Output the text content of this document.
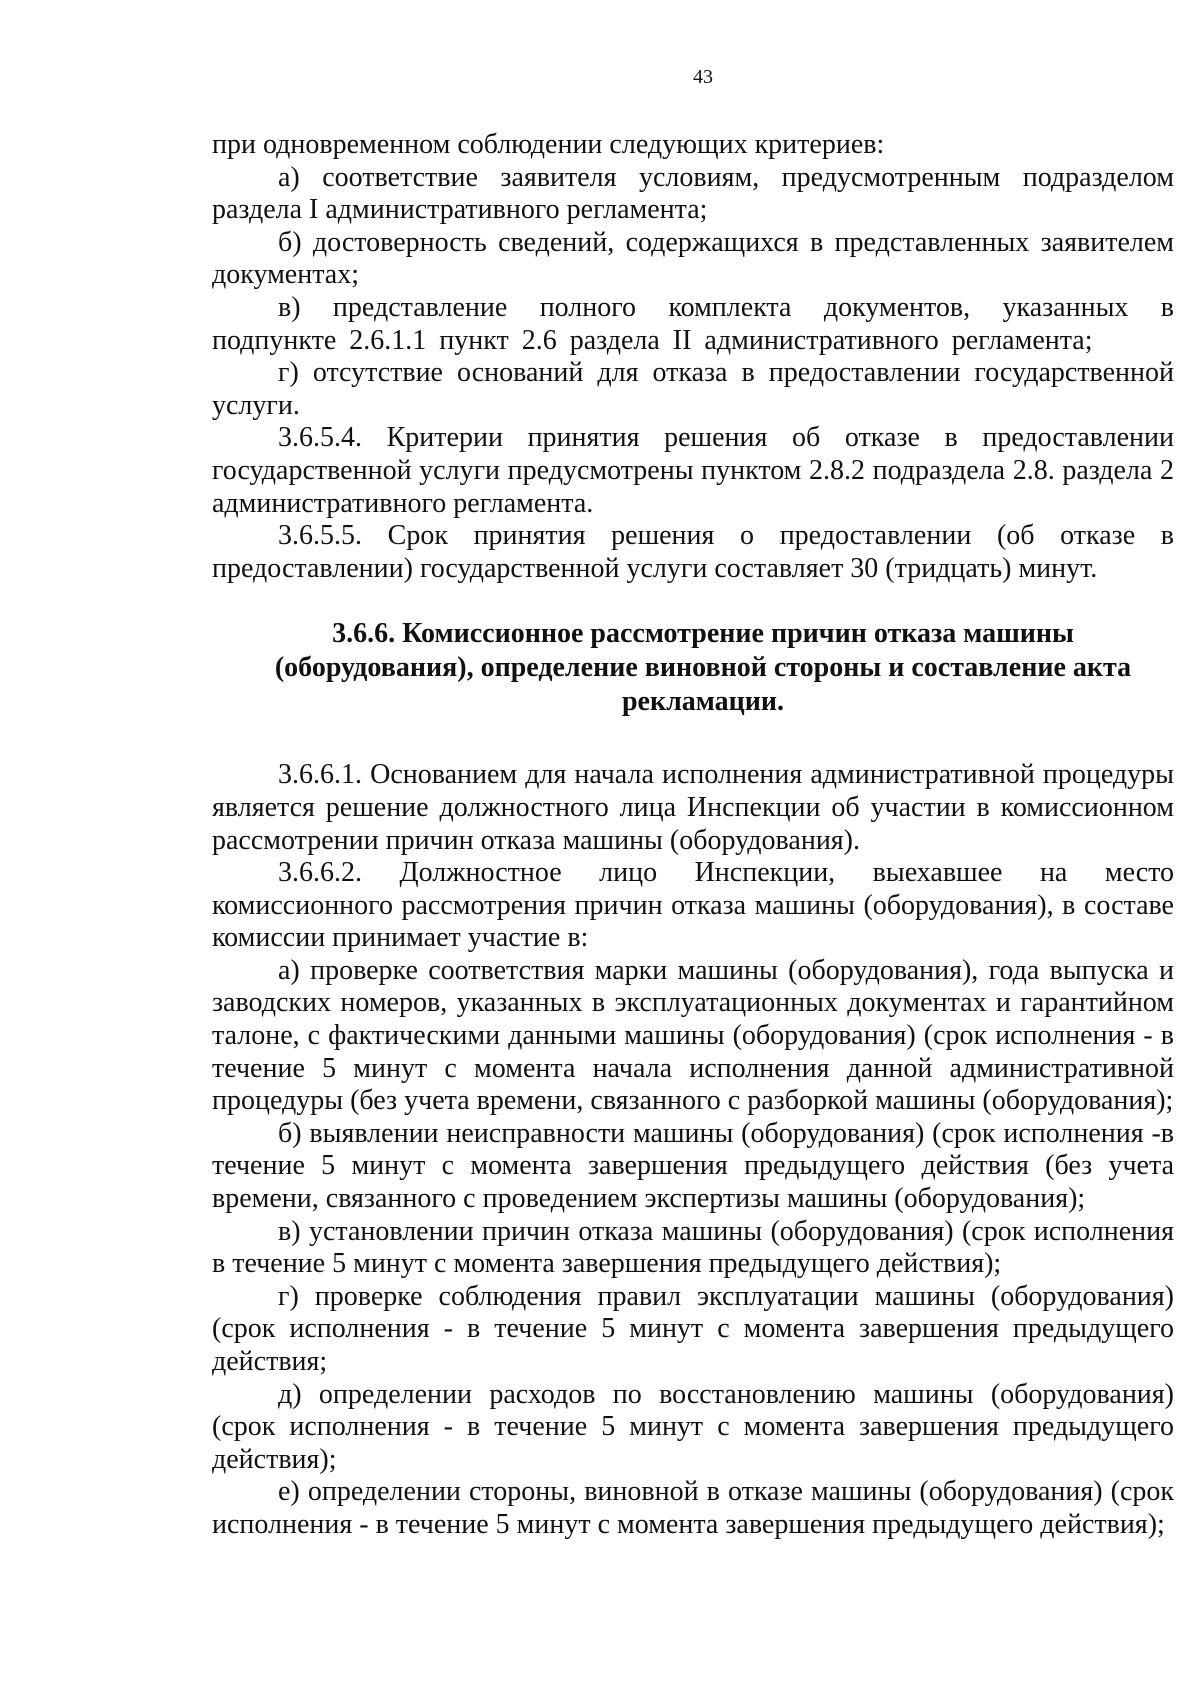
43

при одновременном соблюдении следующих критериев:

а) соответствие заявителя условиям, предусмотренным подразделом раздела I административного регламента;

б) достоверность сведений, содержащихся в представленных заявителем документах;

в) представление полного комплекта документов, указанных в подпункте 2.6.1.1 пункт 2.6 раздела II административного регламента;

г) отсутствие оснований для отказа в предоставлении государственной услуги.

3.6.5.4. Критерии принятия решения об отказе в предоставлении государственной услуги предусмотрены пунктом 2.8.2 подраздела 2.8. раздела 2 административного регламента.

3.6.5.5. Срок принятия решения о предоставлении (об отказе в предоставлении) государственной услуги составляет 30 (тридцать) минут.

3.6.6. Комиссионное рассмотрение причин отказа машины (оборудования), определение виновной стороны и составление акта рекламации.

3.6.6.1. Основанием для начала исполнения административной процедуры является решение должностного лица Инспекции об участии в комиссионном рассмотрении причин отказа машины (оборудования).

3.6.6.2. Должностное лицо Инспекции, выехавшее на место комиссионного рассмотрения причин отказа машины (оборудования), в составе комиссии принимает участие в:

а) проверке соответствия марки машины (оборудования), года выпуска и заводских номеров, указанных в эксплуатационных документах и гарантийном талоне, с фактическими данными машины (оборудования) (срок исполнения - в течение 5 минут с момента начала исполнения данной административной процедуры (без учета времени, связанного с разборкой машины (оборудования);

б) выявлении неисправности машины (оборудования) (срок исполнения -в течение 5 минут с момента завершения предыдущего действия (без учета времени, связанного с проведением экспертизы машины (оборудования);

в) установлении причин отказа машины (оборудования) (срок исполнения в течение 5 минут с момента завершения предыдущего действия);

г) проверке соблюдения правил эксплуатации машины (оборудования) (срок исполнения - в течение 5 минут с момента завершения предыдущего действия;

д) определении расходов по восстановлению машины (оборудования) (срок исполнения - в течение 5 минут с момента завершения предыдущего действия);

е) определении стороны, виновной в отказе машины (оборудования) (срок исполнения - в течение 5 минут с момента завершения предыдущего действия);
